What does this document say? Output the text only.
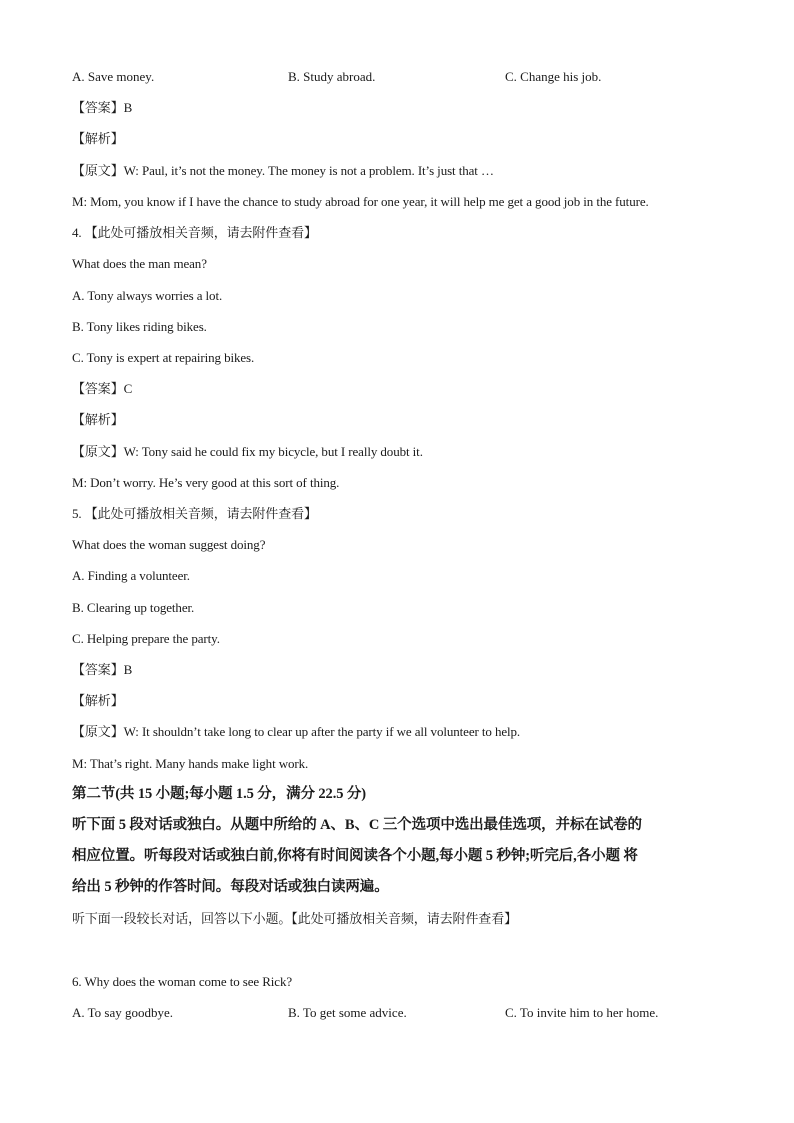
A. Save money.	B. Study abroad.	C. Change his job.
【答案】B
【解析】
【原文】W: Paul, it’s not the money. The money is not a problem. It’s just that …
M: Mom, you know if I have the chance to study abroad for one year, it will help me get a good job in the future.
4. 【此处可播放相关音频，请去附件查看】
What does the man mean?
A. Tony always worries a lot.
B. Tony likes riding bikes.
C. Tony is expert at repairing bikes.
【答案】C
【解析】
【原文】W: Tony said he could fix my bicycle, but I really doubt it.
M: Don’t worry. He’s very good at this sort of thing.
5. 【此处可播放相关音频，请去附件查看】
What does the woman suggest doing?
A. Finding a volunteer.
B. Clearing up together.
C. Helping prepare the party.
【答案】B
【解析】
【原文】W: It shouldn’t take long to clear up after the party if we all volunteer to help.
M: That’s right. Many hands make light work.
第二节(共 15 小题;每小题 1.5 分，满分 22.5 分)
听下面 5 段对话或独白。从题中所给的 A、B、C 三个选项中选出最佳选项，并标在试卷的
相应位置。听每段对话或独白前,你将有时间阅读各个小题,每小题 5 秒钟;听完后,各小题 将
给出 5 秒钟的作答时间。每段对话或独白读两遍。
听下面一段较长对话，回答以下小题。【此处可播放相关音频，请去附件查看】
6. Why does the woman come to see Rick?
A. To say goodbye.	B. To get some advice.	C. To invite him to her home.
